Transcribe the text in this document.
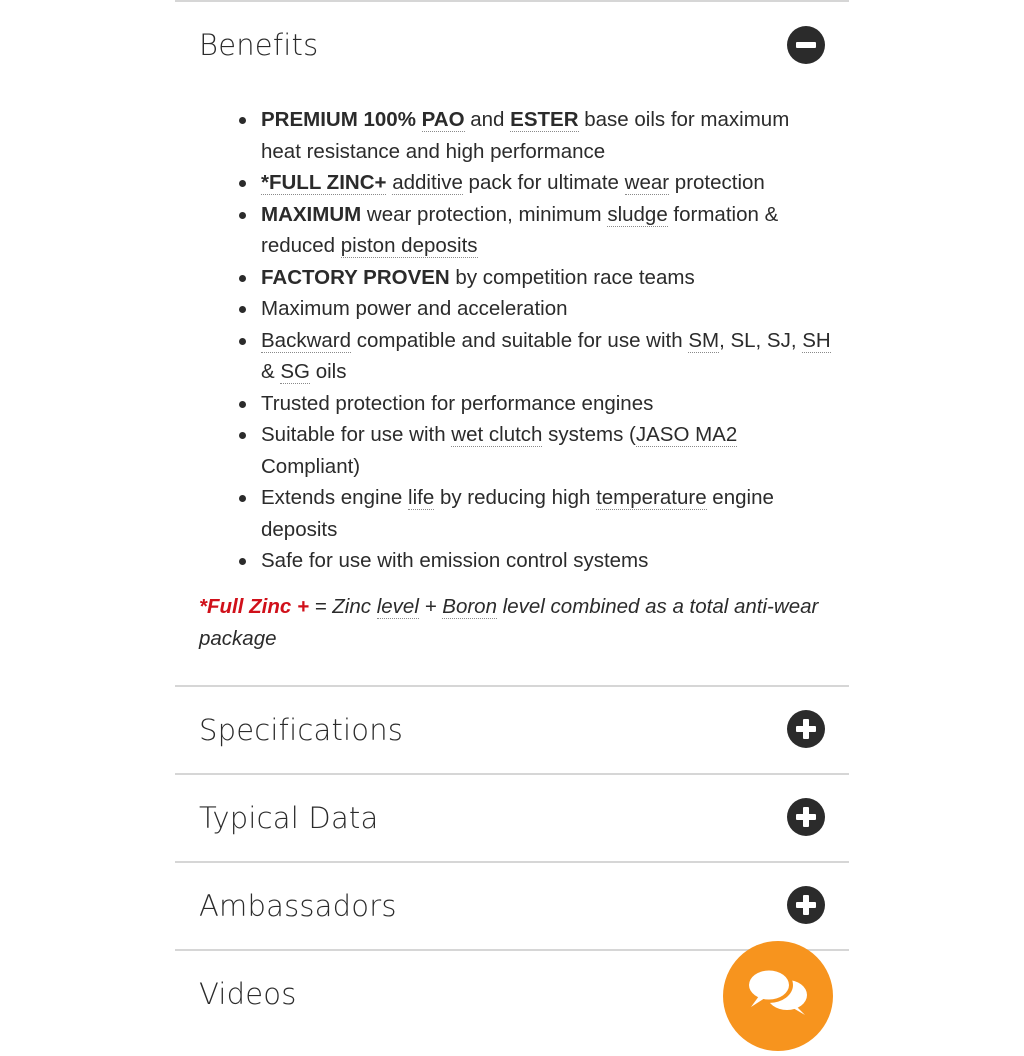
Benefits
PREMIUM 100% PAO and ESTER base oils for maximum heat resistance and high performance
*FULL ZINC+ additive pack for ultimate wear protection
MAXIMUM wear protection, minimum sludge formation & reduced piston deposits
FACTORY PROVEN by competition race teams
Maximum power and acceleration
Backward compatible and suitable for use with SM, SL, SJ, SH & SG oils
Trusted protection for performance engines
Suitable for use with wet clutch systems (JASO MA2 Compliant)
Extends engine life by reducing high temperature engine deposits
Safe for use with emission control systems
*Full Zinc + = Zinc level + Boron level combined as a total anti-wear package
Specifications
Typical Data
Ambassadors
Videos
